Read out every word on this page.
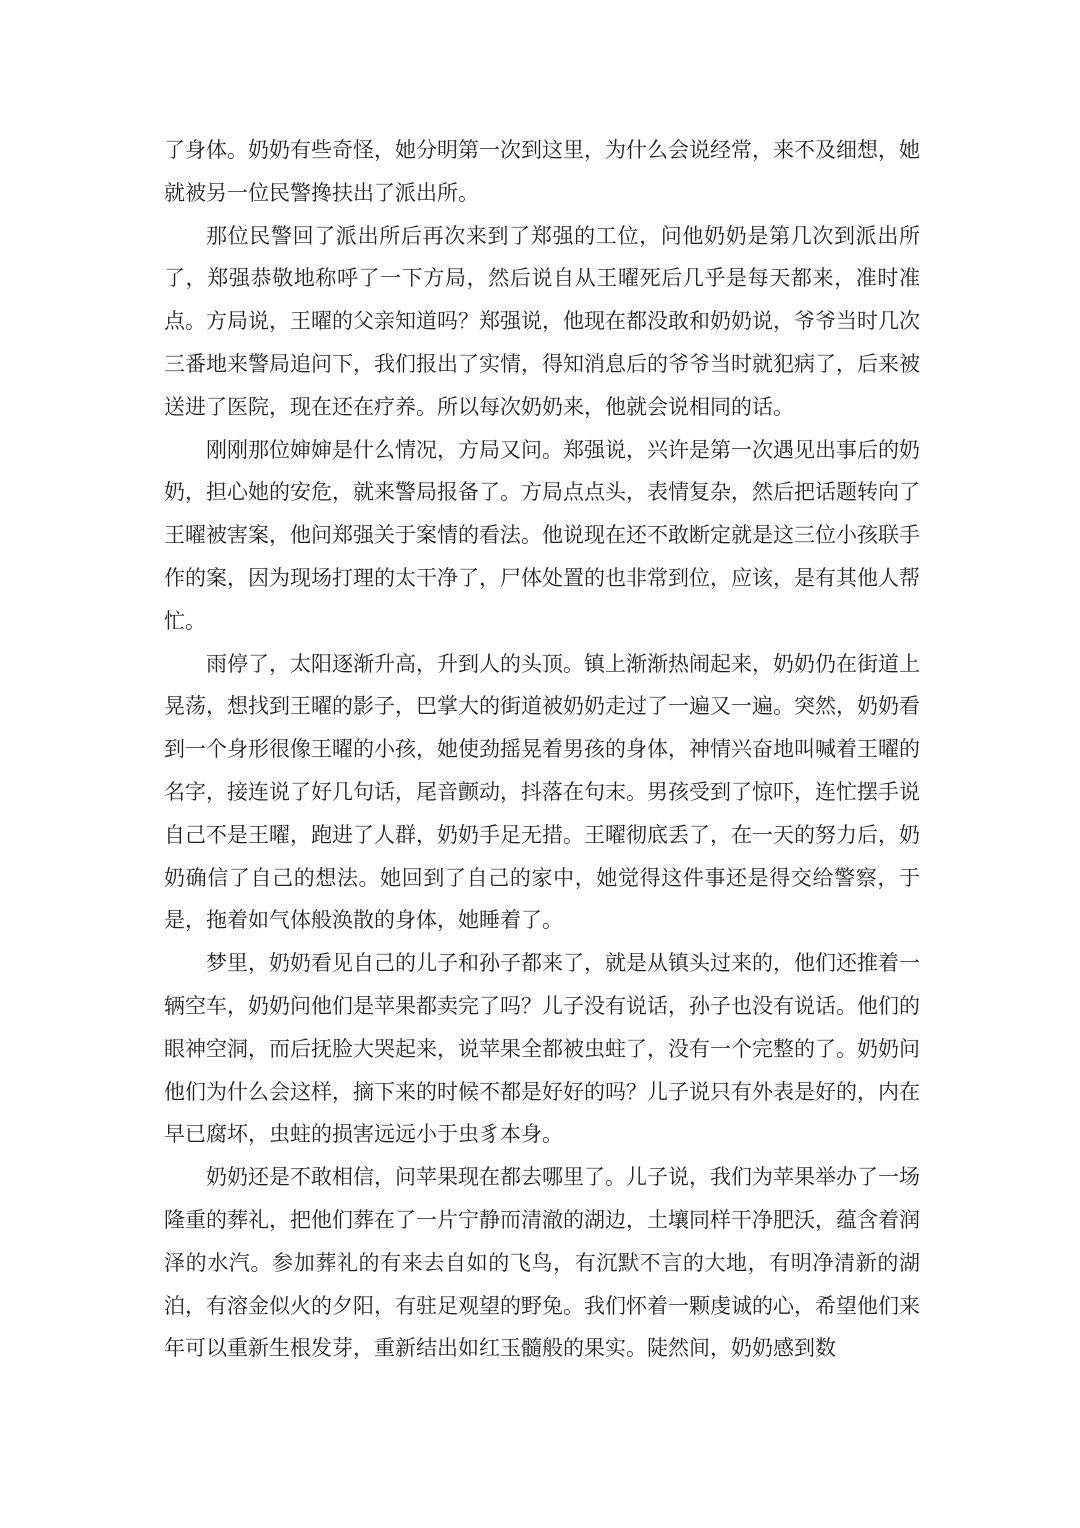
了身体。奶奶有些奇怪，她分明第一次到这里，为什么会说经常，来不及细想，她就被另一位民警搀扶出了派出所。

那位民警回了派出所后再次来到了郑强的工位，问他奶奶是第几次到派出所了，郑强恭敬地称呼了一下方局，然后说自从王曜死后几乎是每天都来，准时准点。方局说，王曜的父亲知道吗？郑强说，他现在都没敢和奶奶说，爷爷当时几次三番地来警局追问下，我们报出了实情，得知消息后的爷爷当时就犯病了，后来被送进了医院，现在还在疗养。所以每次奶奶来，他就会说相同的话。

刚刚那位婶婶是什么情况，方局又问。郑强说，兴许是第一次遇见出事后的奶奶，担心她的安危，就来警局报备了。方局点点头，表情复杂，然后把话题转向了王曜被害案，他问郑强关于案情的看法。他说现在还不敢断定就是这三位小孩联手作的案，因为现场打理的太干净了，尸体处置的也非常到位，应该，是有其他人帮忙。

雨停了，太阳逐渐升高，升到人的头顶。镇上渐渐热闹起来，奶奶仍在街道上晃荡，想找到王曜的影子，巴掌大的街道被奶奶走过了一遍又一遍。突然，奶奶看到一个身形很像王曜的小孩，她使劲摇晃着男孩的身体，神情兴奋地叫喊着王曜的名字，接连说了好几句话，尾音颤动，抖落在句末。男孩受到了惊吓，连忙摆手说自己不是王曜，跑进了人群，奶奶手足无措。王曜彻底丢了，在一天的努力后，奶奶确信了自己的想法。她回到了自己的家中，她觉得这件事还是得交给警察，于是，拖着如气体般涣散的身体，她睡着了。

梦里，奶奶看见自己的儿子和孙子都来了，就是从镇头过来的，他们还推着一辆空车，奶奶问他们是苹果都卖完了吗？儿子没有说话，孙子也没有说话。他们的眼神空洞，而后抚脸大哭起来，说苹果全都被虫蛀了，没有一个完整的了。奶奶问他们为什么会这样，摘下来的时候不都是好好的吗？儿子说只有外表是好的，内在早已腐坏，虫蛀的损害远远小于虫豸本身。

奶奶还是不敢相信，问苹果现在都去哪里了。儿子说，我们为苹果举办了一场隆重的葬礼，把他们葬在了一片宁静而清澈的湖边，土壤同样干净肥沃，蕴含着润泽的水汽。参加葬礼的有来去自如的飞鸟，有沉默不言的大地，有明净清新的湖泊，有溶金似火的夕阳，有驻足观望的野兔。我们怀着一颗虔诚的心，希望他们来年可以重新生根发芽，重新结出如红玉髓般的果实。陡然间，奶奶感到数
